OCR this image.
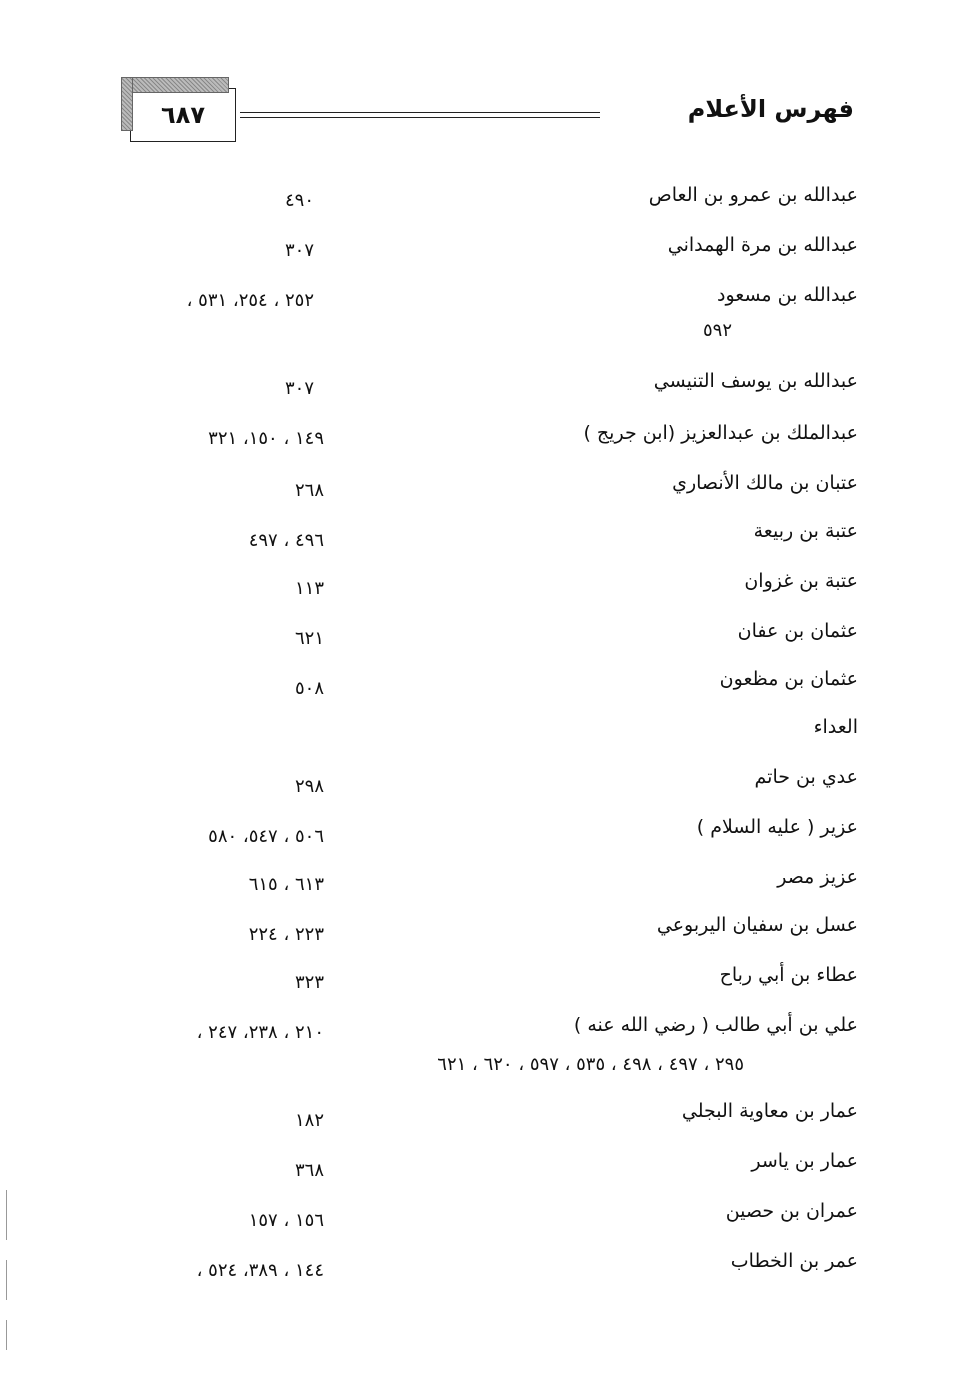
٦٨٧	فهرس الأعلام
عبدالله بن عمرو بن العاص
٤٩٠
عبدالله بن مرة الهمداني
٣٠٧
عبدالله بن مسعود
٢٥٢ ، ٢٥٤، ٥٣١ ،
٥٩٢
عبدالله بن يوسف التنيسي
٣٠٧
عبدالملك بن عبدالعزيز (ابن جريج )
١٤٩ ، ١٥٠، ٣٢١
عتبان بن مالك الأنصاري
٢٦٨
عتبة بن ربيعة
٤٩٦ ، ٤٩٧
عتبة بن غزوان
١١٣
عثمان بن عفان
٦٢١
عثمان بن مظعون
٥٠٨
العداء
عدي بن حاتم
٢٩٨
عزير ( عليه السلام )
٥٠٦ ، ٥٤٧، ٥٨٠
عزيز مصر
٦١٣ ، ٦١٥
عسل بن سفيان اليربوعي
٢٢٣ ، ٢٢٤
عطاء بن أبي رباح
٣٢٣
علي بن أبي طالب ( رضي الله عنه )
٢١٠ ، ٢٣٨، ٢٤٧ ،
٢٩٥ ، ٤٩٧ ، ٤٩٨ ، ٥٣٥ ، ٥٩٧ ، ٦٢٠ ، ٦٢١
عمار بن معاوية البجلي
١٨٢
عمار بن ياسر
٣٦٨
عمران بن حصين
١٥٦ ، ١٥٧
عمر بن الخطاب
١٤٤ ، ٣٨٩، ٥٢٤ ،
